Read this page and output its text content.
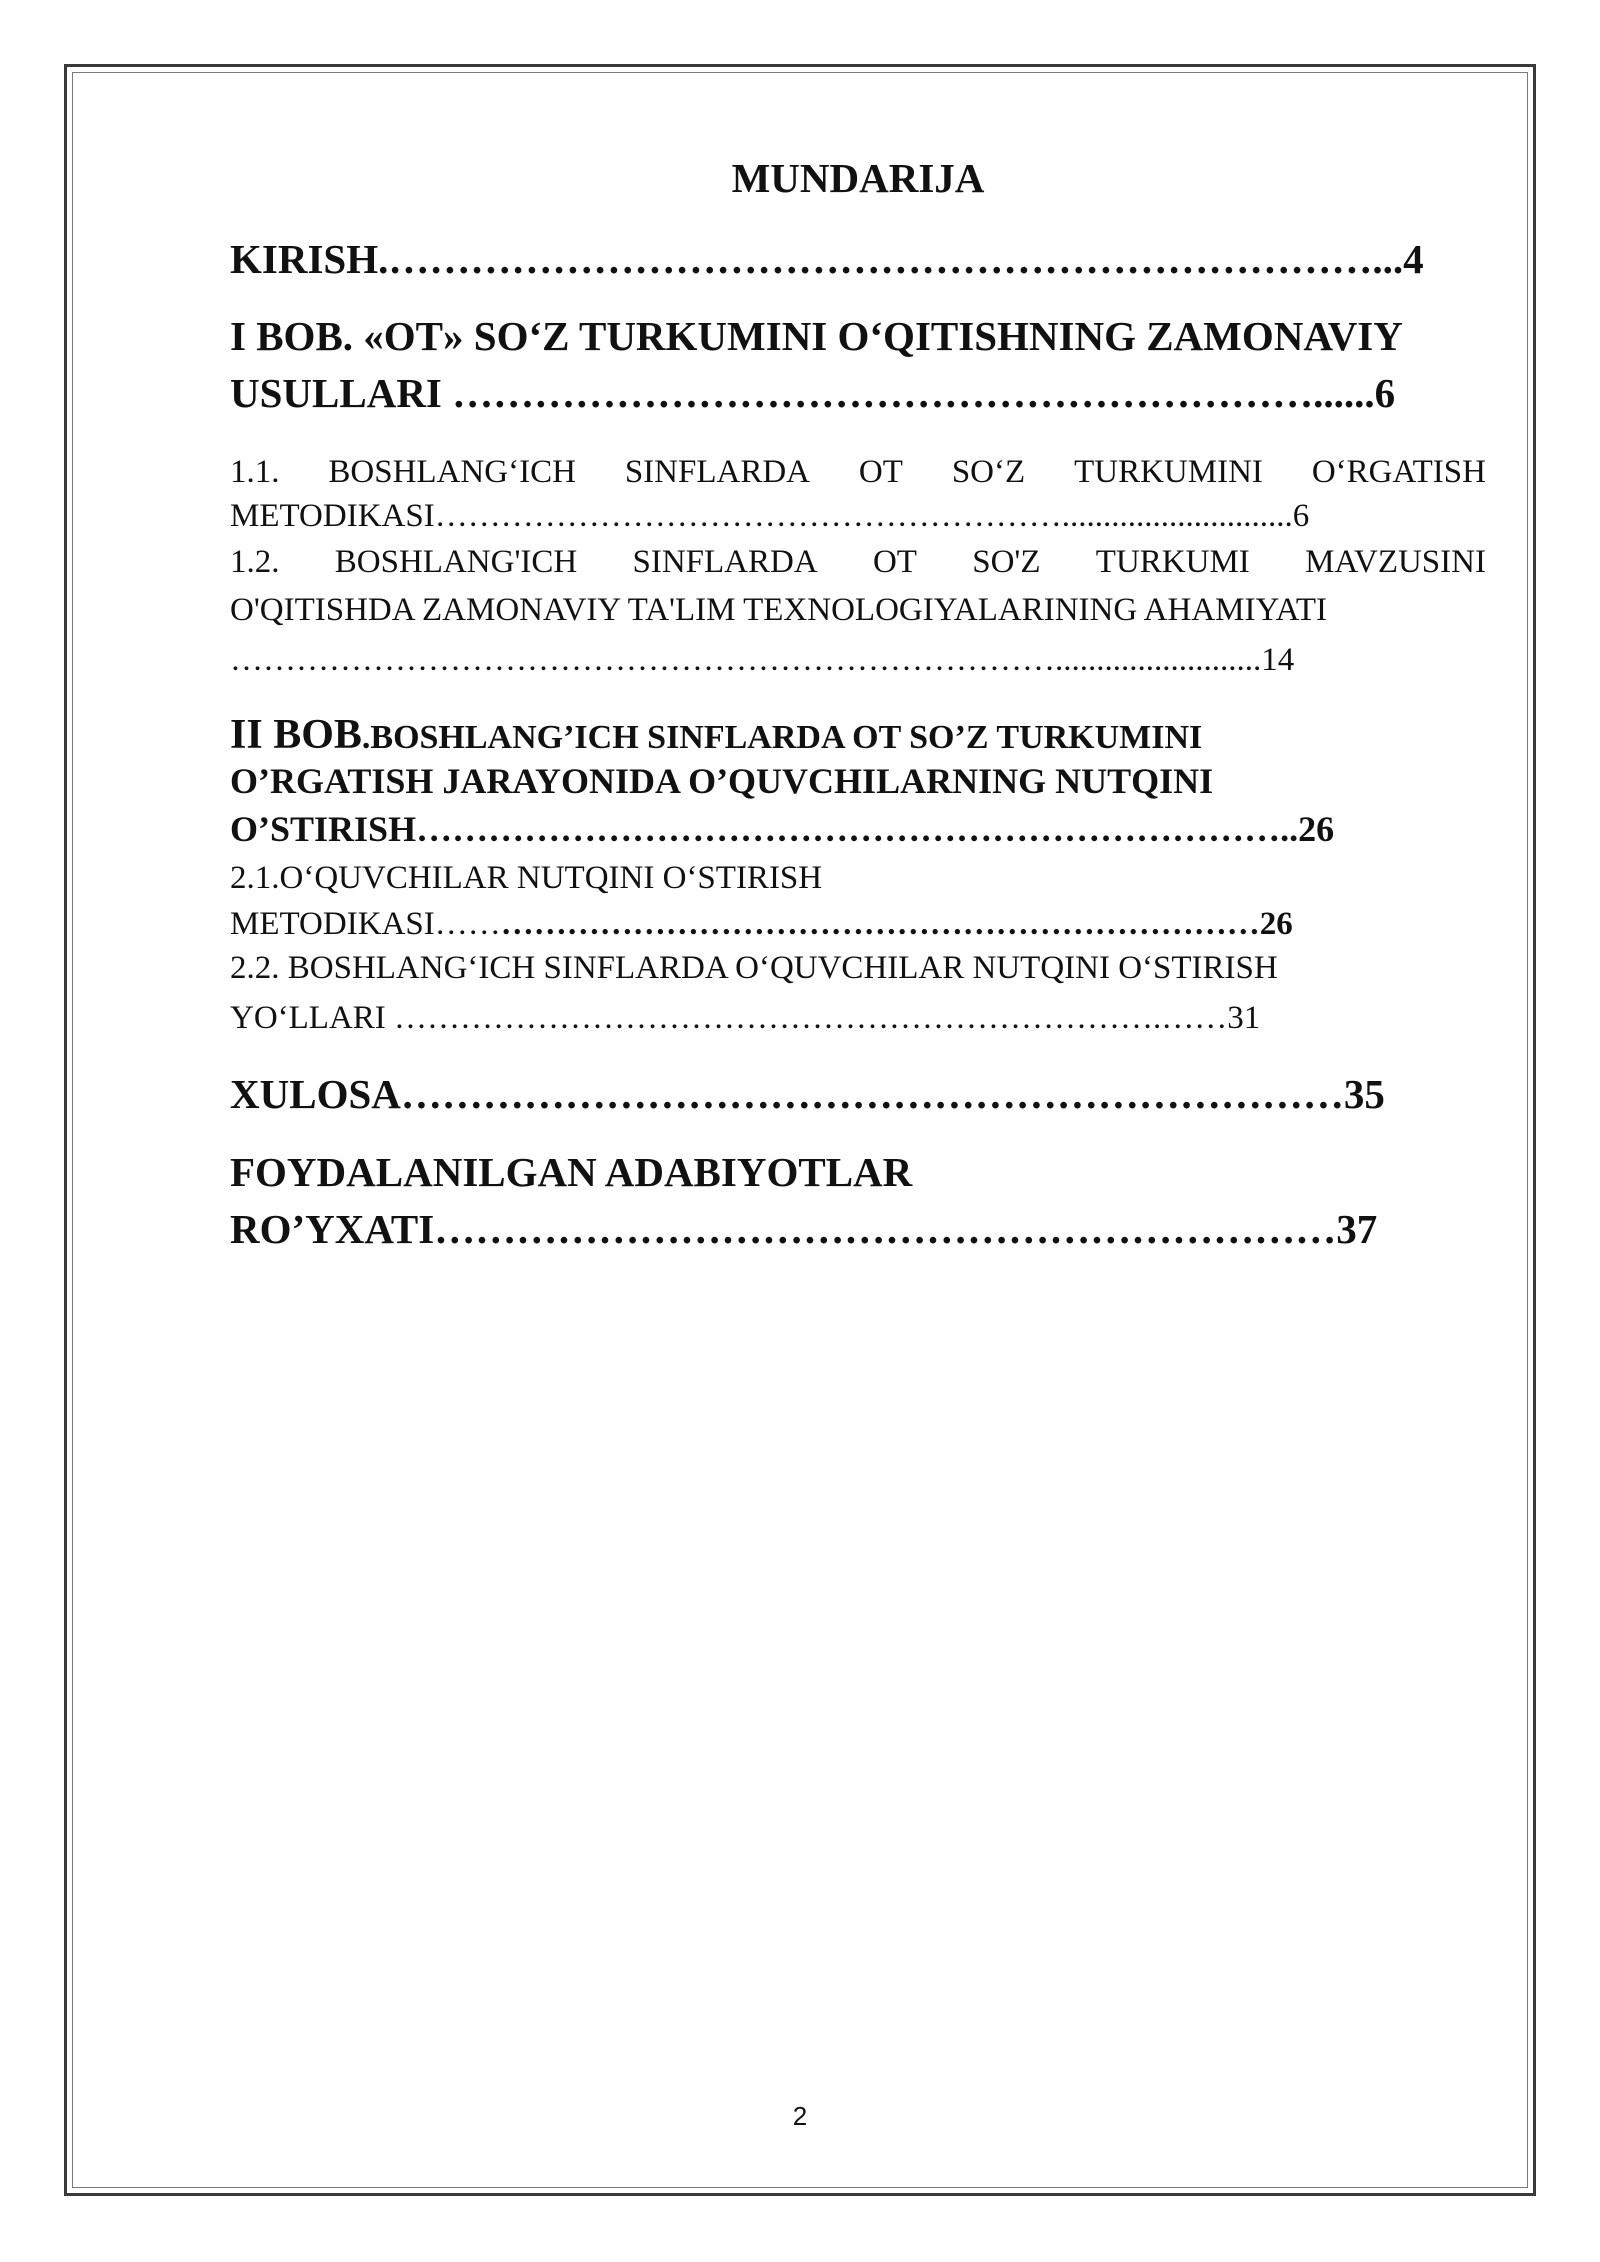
MUNDARIJA
KIRISH.………………………………………………………………...4
I BOB. «OT» SO‘Z TURKUMINI O‘QITISHNING ZAMONAVIY
USULLARI ………………………………………………………......6
1.1. BOSHLANG‘ICH SINFLARDA OT SO‘Z TURKUMINI O‘RGATISH
METODIKASI…………………………………………………............................6
1.2. BOSHLANG'ICH SINFLARDA OT SO'Z TURKUMI MAVZUSINI
O'QITISHDA ZAMONAVIY TA'LIM TEXNOLOGIYALARINING AHAMIYATI
………………………………………………………………….........................14
II BOB.BOSHLANG’ICH SINFLARDA OT SO’Z TURKUMINI
O’RGATISH JARAYONIDA O’QUVCHILARNING NUTQINI
O’STIRISH………………………………………………………………..26
2.1.O‘QUVCHILAR NUTQINI O‘STIRISH
METODIKASI…………………………………………………………………26
2.2. BOSHLANG‘ICH SINFLARDA O‘QUVCHILAR NUTQINI O‘STIRISH
YO‘LLARI …………………………………………………………….……31
XULOSA……………………………………………………………35
FOYDALANILGAN ADABIYOTLAR
RO’YXATI…………………………………………………………37
2
